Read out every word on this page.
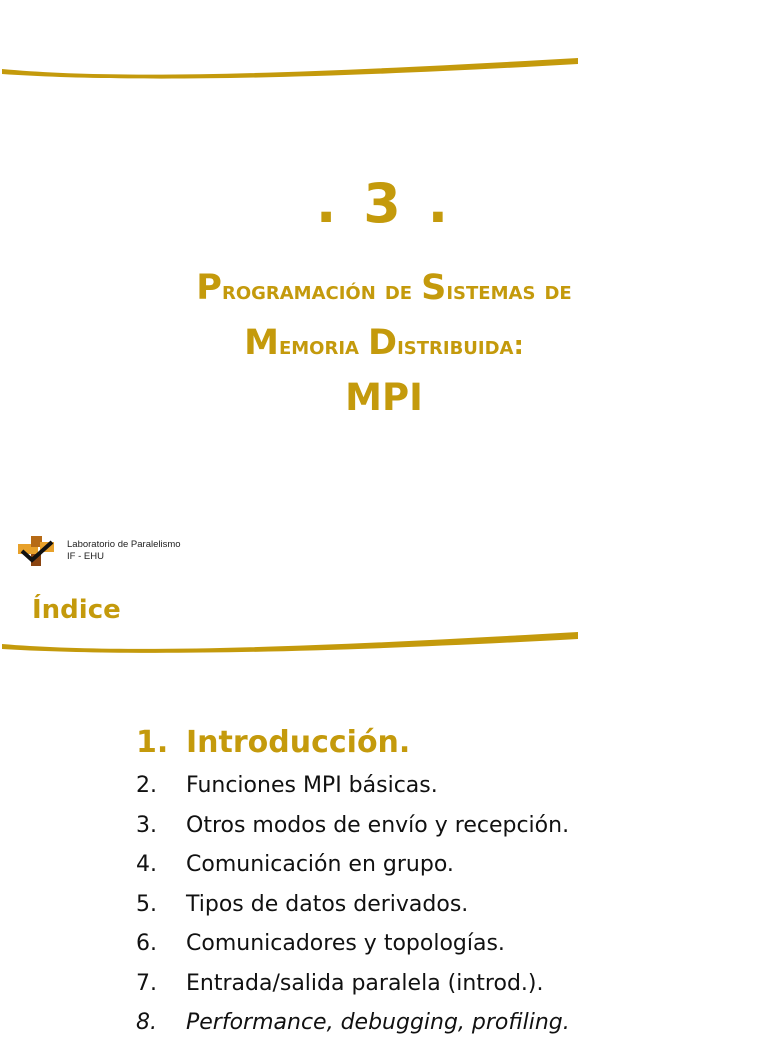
. 3 .
Programación de Sistemas de
Memoria Distribuida:
MPI
Laboratorio de Paralelismo
IF - EHU
Índice
1. Introducción.
2. Funciones MPI básicas.
3. Otros modos de envío y recepción.
4. Comunicación en grupo.
5. Tipos de datos derivados.
6. Comunicadores y topologías.
7. Entrada/salida paralela (introd.).
8. Performance, debugging, profiling.
